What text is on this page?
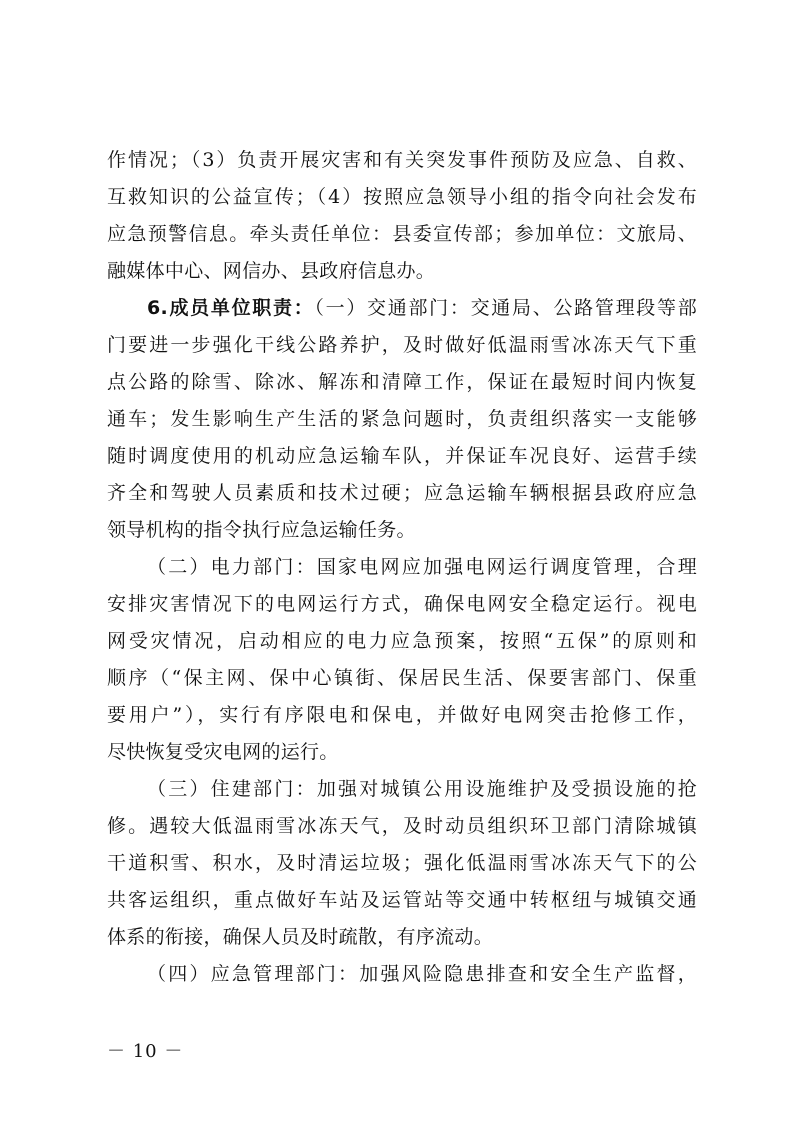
作情况；（3）负责开展灾害和有关突发事件预防及应急、自救、
互救知识的公益宣传；（4）按照应急领导小组的指令向社会发布
应急预警信息。牵头责任单位：县委宣传部；参加单位：文旅局、
融媒体中心、网信办、县政府信息办。
6.成员单位职责：（一）交通部门：交通局、公路管理段等部
门要进一步强化干线公路养护，及时做好低温雨雪冰冻天气下重
点公路的除雪、除冰、解冻和清障工作，保证在最短时间内恢复
通车；发生影响生产生活的紧急问题时，负责组织落实一支能够
随时调度使用的机动应急运输车队，并保证车况良好、运营手续
齐全和驾驶人员素质和技术过硬；应急运输车辆根据县政府应急
领导机构的指令执行应急运输任务。
（二）电力部门：国家电网应加强电网运行调度管理，合理
安排灾害情况下的电网运行方式，确保电网安全稳定运行。视电
网受灾情况，启动相应的电力应急预案，按照“五保”的原则和
顺序（“保主网、保中心镇街、保居民生活、保要害部门、保重
要用户”），实行有序限电和保电，并做好电网突击抢修工作，
尽快恢复受灾电网的运行。
（三）住建部门：加强对城镇公用设施维护及受损设施的抢
修。遇较大低温雨雪冰冻天气，及时动员组织环卫部门清除城镇
干道积雪、积水，及时清运垃圾；强化低温雨雪冰冻天气下的公
共客运组织，重点做好车站及运管站等交通中转枢纽与城镇交通
体系的衔接，确保人员及时疏散，有序流动。
（四）应急管理部门：加强风险隐患排查和安全生产监督，
－ 10 －
